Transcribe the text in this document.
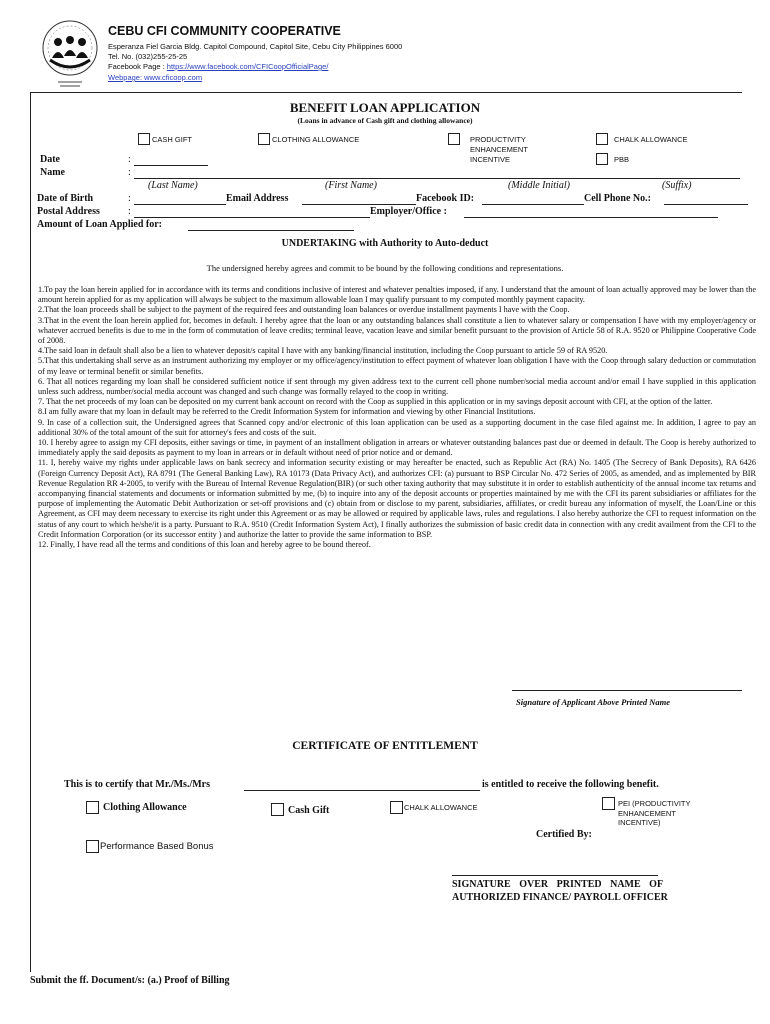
CEBU CFI COMMUNITY COOPERATIVE
Esperanza Fiel Garcia Bldg. Capitol Compound, Capitol Site, Cebu City Philippines 6000
Tel. No. (032)255-25-25
Facebook Page : https://www.facebook.com/CFICoopOfficialPage/
Webpage: www.cficoop.com
BENEFIT LOAN APPLICATION
(Loans in advance of Cash gift and clothing allowance)
CASH GIFT	CLOTHING ALLOWANCE	PRODUCTIVITY ENHANCEMENT INCENTIVE
CHALK ALLOWANCE
PBB
Date	:
Name	:
(Last Name)	(First Name)	(Middle Initial)	(Suffix)
Date of Birth	:	Email Address	Facebook ID:	Cell Phone No.:
Postal Address	:	Employer/Office :
Amount of Loan Applied for:
UNDERTAKING with Authority to Auto-deduct
The undersigned hereby agrees and commit to be bound by the following conditions and representations.

1.To pay the loan herein applied for in accordance with its terms and conditions inclusive of interest and whatever penalties imposed, if any. I understand that the amount of loan actually approved may be lower than the amount herein applied for as my application will always be subject to the maximum allowable loan I may qualify pursuant to my computed monthly payment capacity.

2.That the loan proceeds shall be subject to the payment of the required fees and outstanding loan balances or overdue installment payments I have with the Coop.

3.That in the event the loan herein applied for, becomes in default. I hereby agree that the loan or any outstanding balances shall constitute a lien to whatever salary or compensation I have with my employer/agency or whatever accrued benefits is due to me in the form of commutation of leave credits; terminal leave, vacation leave and similar benefit pursuant to the provision of Article 58 of R.A. 9520 or Philippine Cooperative Code of 2008.

4.The said loan in default shall also be a lien to whatever deposit/s capital I have with any banking/financial institution, including the Coop pursuant to article 59 of RA 9520.

5.That this undertaking shall serve as an instrument authorizing my employer or my office/agency/institution to effect payment of whatever loan obligation I have with the Coop through salary deduction or commutation of my leave or terminal benefit or similar benefits.

6. That all notices regarding my loan shall be considered sufficient notice if sent through my given address text to the current cell phone number/social media account and/or email I have supplied in this application unless such address, number/social media account was changed and such change was formally relayed to the coop in writing.

7. That the net proceeds of my loan can be deposited on my current bank account on record with the Coop as supplied in this application or in my savings deposit account with CFI, at the option of the latter.

8.I am fully aware that my loan in default may be referred to the Credit Information System for information and viewing by other Financial Institutions.

9. In case of a collection suit, the Undersigned agrees that Scanned copy and/or electronic of this loan application can be used as a supporting document in the case filed against me. In addition, I agree to pay an additional 30% of the total amount of the suit for attorney's fees and costs of the suit.

10. I hereby agree to assign my CFI deposits, either savings or time, in payment of an installment obligation in arrears or whatever outstanding balances past due or deemed in default. The Coop is hereby authorized to immediately apply the said deposits as payment to my loan in arrears or in default without need of prior notice and or demand.

11. I, hereby waive my rights under applicable laws on bank secrecy and information security existing or may hereafter be enacted, such as Republic Act (RA) No. 1405 (The Secrecy of Bank Deposits), RA 6426 (Foreign Currency Deposit Act), RA 8791 (The General Banking Law), RA 10173 (Data Privacy Act), and authorizes CFI: (a) pursuant to BSP Circular No. 472 Series of 2005, as amended, and as implemented by BIR Revenue Regulation RR 4-2005, to verify with the Bureau of Internal Revenue Regulation(BIR) (or such other taxing authority that may substitute it in order to establish authenticity of the annual income tax returns and accompanying financial statements and documents or information submitted by me, (b) to inquire into any of the deposit accounts or properties maintained by me with the CFI its parent subsidiaries or affiliates for the purpose of implementing the Automatic Debit Authorization or set-off provisions and (c) obtain from or disclose to my parent, subsidiaries, affiliates, or credit bureau any information of myself, the Loan/Line or this Agreement, as CFI may deem necessary to exercise its right under this Agreement or as may be allowed or required by applicable laws, rules and regulations. I also hereby authorize the CFI to request information on the status of any court to which he/she/it is a party. Pursuant to R.A. 9510 (Credit Information System Act), I finally authorizes the submission of basic credit data in connection with any credit availment from the CFI to the Credit Information Corporation (or its successor entity ) and authorize the latter to provide the same information to BSP.

12. Finally, I have read all the terms and conditions of this loan and hereby agree to be bound thereof.

Signature of Applicant Above Printed Name
CERTIFICATE OF ENTITLEMENT
This is to certify that Mr./Ms./Mrs	is entitled to receive the following benefit.
Clothing Allowance	Cash Gift	CHALK ALLOWANCE	PEI (PRODUCTIVITY ENHANCEMENT INCENTIVE)
Certified By:
Performance Based Bonus
SIGNATURE OVER PRINTED NAME OF
AUTHORIZED FINANCE/ PAYROLL OFFICER
Submit the ff. Document/s: (a.) Proof of Billing
